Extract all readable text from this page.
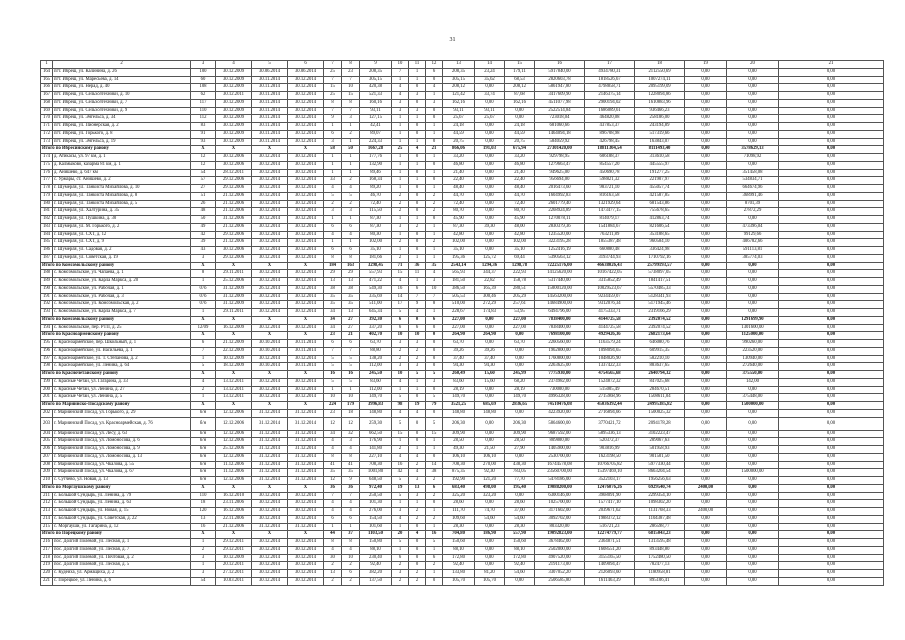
31
1	2	3	4	5	6	7	8	9	10	11	12	13	14	15	16	17	18	19	20	21
164	пгт. Ибреш, ул. Калинина, д. 26	100	30.12.2009	30.06.2014	30.06.2014	25	23	208,35	7	1	6	208,35	23,24	179,11	5917840,00	4934780,31	2112550,69	0,00	0,00	0,00
165	пгт. Ибреш, ул. Маресьева, д. 14	60	30.12.2009	30.11.2014	30.12.2014	7	7	305,15	1	1	0	305,15	35,62	68,53	2820603,78	1818526,67	1007274,11	0,00	0,00	0,00
166	пгт. Ибреш, ул. Нерад, д. 40	108	30.12.2009	30.11.2014	30.12.2014	15	10	420,38	4	0	4	208,12	0,00	208,12	5861947,80	4798858,71	2095199,09	0,00	0,00	0,00
167	пгт. Ибреш, ул. Сельхозтехники, д. 10	62	30.12.2011	30.11.2014	30.12.2014	25	15	521,33	4	3	1	121,42	33,74	87,68	3417609,90	2146375,14	1228094,86	0,00	0,00	0,00
168	пгт. Ибреш, ул. Сельхозтехники, д. 7	117	30.12.2009	30.11.2014	30.12.2014	8	8	160,16	3	0	3	162,16	0,00	162,16	4511077,98	2900194,02	1610883,96	0,00	0,00	0,00
169	пгт. Ибреш, ул. Сельхозтехники, д. 9	110	30.12.2009	30.11.2014	30.12.2014	7	7	93,11	3	3	0	93,11	93,11	0,00	2522514,84	1686089,61	936466,23	0,00	0,00	0,00
170	пгт. Ибреш, ул. Энгельса, д. 34	112	30.12.2009	30.11.2014	30.12.2014	9	3	127,15	1	1	0	25,67	25,67	0,00	723018,04	464820,08	258186,00	0,00	0,00	0,00
171	пгт. Ибреш, ул. Пионерская, д. 2	83	30.12.2009	30.11.2014	30.12.2014	1	1	42,41	1	0	1	24,18	0,00	24,18	681060,66	437853,37	243194,89	0,00	0,00	0,00
172	пгт. Ибреш, ул. Горького, д. 8	91	30.12.2009	30.11.2014	30.12.2014	6	2	89,07	1	0	1	44,59	0,00	44,59	1464094,18	896708,98	517319,66	0,00	0,00	0,00
173	пгт. Ибреш, ул. Энгельса, д. 19	93	30.12.2009	30.11.2014	30.12.2014	3	1	224,33	1	1	0	20,75	0,00	20,75	584059,92	426798,45	163843,07	0,00	0,00	0,00
Итого по Ибресинскому району		X	X	X	X	58	50	1667,28	25	4	21	866,06	191,03	675,94	27301420,00	18811304,54	8111493,40	0,00	3578629,13	0,00
174	д. Атикасы, ул. 97 км, д. 1	12	30.12.2006	30.12.2014	30.12.2014	1	1	177,76	1	0	1	33,20	0,00	33,20	929798,95	606188,37	313610,58	0,00	71098,92	0,00
175	д. Калмыково, казарма 81 км, д. 1	12	30.12.2006	30.12.2014	30.12.2014	1	1	132,90	1	1	0	46,80	0,00	46,80	1279663,47	854557,20	445555,97	0,00	0,00	0,00
176	д. Анишево, д. 647 км	54	28.12.2011	30.12.2014	30.12.2014	1	1	89,46	1	0	1	21,40	0,00	21,40	949625,00	450690,78	191277,25	0,00	351458,08	0,00
177	с. Урмары, ст. Анишево, д. 2	57	29.12.2006	30.12.2014	30.12.2014	33	2	168,34	1	1	0	22,40	0,00	22,40	956694,00	598821,32	221907,97	0,00	534834,71	0,00
178	г. Шумерля, ул. Танкиста Михайлова, д. 10	27	29.12.2006	30.12.2014	30.12.2014	4	4	89,20	1	0	1	48,40	0,00	48,40	2016473,60	983721,10	455057,74	0,00	664674,96	0,00
179	г. Шумерля, ул. Танкиста Михайлова, д. 8	51	21.12.2006	30.12.2014	30.12.2014	5	5	46,70	2	0	2	44,70	0,00	44,70	1604992,83	816163,58	421587,85	0,00	368991,46	0,00
180	г. Шумерля, ул. Танкиста Михайлова, д. 5	26	21.12.2006	30.12.2014	30.12.2014	2	2	72,40	2	0	2	72,40	0,00	72,40	2601779,40	1321929,64	681543,86	0,00	8701,39	0,00
181	г. Шумерля, ул. Халтурина, д. 35	48	21.12.2006	30.12.2014	30.12.2014	3	3	115,50	2	0	2	80,70	0,00	80,70	2268924,89	1473477,15	755678,65	0,00	27872,29	0,00
182	г. Шумерля, ул. Пушкина, д. 30	50	31.12.2006	30.12.2014	30.12.2014	1	1	87,30	1	1	0	45,90	0,00	45,90	1270078,11	814079,17	412863,74	0,00	0,00	0,00
183	г. Шумерля, ул. М. Горького, д. 2	49	21.12.2006	30.12.2014	30.12.2014	6	6	87,30	3	2	1	87,30	39,30	48,00	2830379,36	1541884,67	821606,54	0,00	473396,04	0,00
184	г. Шумерля, ул. СХТ, д. 12	42	29.12.2006	30.12.2014	30.12.2014	4	4	80,30	1	0	1	42,80	0,00	42,80	1235520,00	763211,89	353188,65	0,00	99129,66	0,00
185	г. Шумерля, ул. СХТ, д. 9	39	21.12.2006	30.12.2014	30.12.2014	1	1	102,00	2	0	2	102,00	0,00	102,00	3223195,28	1855387,48	960584,10	0,00	406782,66	0,00
186	г. Шумерля, ул. Садовая, д. 2	43	30.12.2006	30.12.2014	30.12.2014	6	6	35,10	1	0	1	35,10	0,00	35,10	1252416,19	660880,48	336424,98	0,00	591113,81	0,00
187	г. Шумерля, ул. Советская, д. 19	3	29.12.2006	30.12.2014	30.12.2014	8	8	181,66	2	1	1	195,36	125,72	69,44	5390563,12	3193744,93	1710792,16	0,00	385774,03	0,00
Итого по Комсомольскому району		X	X	X	X	184	163	3298,45	71	36	35	2543,14	1294,36	1298,78	72225176,00	46638026,43	25799193,57	0,00	0,00	0,00
188	с. Комсомольское, ул. Чапаева, д. 1	8	29.11.2011	30.12.2014	30.12.2014	29	29	557,93	15	11	4	565,93	344,37	222,93	14125620,00	10167422,05	5738097,05	0,00	0,00	0,00
189	с. Комсомольское, ул. Карла Маркса, д. 20	1	25.12.2006	30.12.2014	30.12.2014	13	13	471,22	4	1	3	181,50	22,82	158,78	5317440,00	3315852,49	1841417,51	0,00	0,00	0,00
190	с. Комсомольское, ул. Рабочая, д. 1	07б	31.12.2009	26.12.2014	30.12.2014	38	38	549,30	16	6	10	386,50	165,39	280,51	15000120,00	10029523,67	5570485,33	0,00	0,00	0,00
191	с. Комсомольское, ул. Рабочая, д. 3	07б	31.12.2009	30.12.2014	30.12.2014	35	35	335,69	14	7	7	505,53	300,46	205,29	14563200,00	9234459,07	5128341,93	0,00	0,00	0,00
192	с. Комсомольское, ул. Комсомольская, д. 2	07б	31.12.2009	30.12.2014	30.12.2014	35	35	511,00	17	9	8	510,00	272,29	257,61	14684900,00	9312076,34	5171945,46	0,00	0,00	0,00
193	с. Комсомольское, ул. Карла Маркса, д. 7	1	29.11.2011	30.12.2014	30.12.2014	34	13	645,34	5	4	1	228,67	174,83	53,95	6494796,00	4175333,71	2319166,29	0,00	0,00	0,00
Итого по Комсомольскому району		X	X	X	X	34	27	392,30	6	0	6	227,00	0,00	227,00	7838400,00	4144725,58	2392074,52	0,00	1291699,90	0,00
194	с. Комсомольское, пер. РТП, д. 25	12/09	16.12.2009	30.12.2014	30.12.2014	34	27	337,20	6	6	0	227,00	0,00	227,00	7838400,00	4144725,58	2392074,52	0,00	1301600,00	0,00
Итого по Красноармейскому району		X	X	X	X	23	21	402,70	10	10	0	264,90	264,90	0,00	7698100,00	4929426,36	2682173,64	0,00	1125000,00	0,00
195	с. Красноармейское, пер. Школьный, д. 1	6	21.12.2009	30.10.2014	30.11.2014	6	6	63,70	3	3	0	63,70	0,00	63,70	2260560,00	1163579,24	646080,76	0,00	990260,00	0,00
196	с. Красноармейское, ул. Васильева, д. 1	7	22.12.2009	30.10.2014	30.11.2014	7	7	88,80	2	2	0	39,26	39,26	0,00	1962800,00	1098094,65	609915,35	0,00	223520,00	0,00
197	с. Красноармейское, ул. Т. Степанова, д. 2	1	10.12.2009	30.12.2014	30.12.2014	5	5	138,20	2	2	0	37,40	37,40	0,00	1760800,00	1048026,90	582210,10	0,00	130940,00	0,00
198	с. Красноармейское, ул. Ленина, д. 64	5	18.12.2009	30.10.2014	30.11.2014	5	5	112,00	3	3	0	94,30	94,30	0,00	2263625,00	1337422,33	883637,65	0,00	272640,00	0,00
Итого по Красночетайскому району		X	X	X	X	16	16	245,50	10	5	5	260,49	15,60	245,99	7775930,00	4754565,68	2640794,32	0,00	375550,00	0,00
199	с. Красные Четаи, ул. Гагарина, д. 33	4	13.12.2011	30.12.2014	30.12.2014	5	5	83,60	4	1	3	83,60	15,60	68,20	2374982,00	1524872,32	847025,68	0,00	142,00	0,00
200	с. Красные Четаи, ул. Ленина, д. 27	2	13.12.2011	30.12.2014	30.12.2014	1	1	112,00	1	1	0	28,19	0,00	28,19	730000,00	515005,49	284670,51	0,00	0,00	0,00
201	с. Красные Четаи, ул. Ленина, д. 5	1	13.12.2011	30.12.2014	30.12.2014	10	10	149,70	5	0	5	149,70	0,00	149,70	4996328,00	2715968,96	1508611,04	0,00	375448,00	0,00
Итого по Мариинско-Посадскому району		X	X	X	X	224	179	3996,83	98	19	79	3521,25	685,69	2836,65	74510476,08	45036392,44	24995385,82	0,00	1500000,00	0,00
202	г. Мариинский Посад, ул. Горького, д. 29	б/н	12.12.2006	31.12.2014	31.12.2014	23	18	148,80	4	4	0	148,80	148,80	0,00	4223920,00	2716894,66	1500025,32	0,00	0,00	0,00
203	г. Мариинский Посад, ул. Красноармейская, д. 76	б/н	12.12.2006	31.12.2014	31.12.2014	12	12	259,30	5	0	5	206,30	0,00	206,30	5864600,00	3770421,72	2094178,28	0,00	0,00	0,00
204	г. Мариинский Посад, ул. Лесу, д. 63	б/н	12.12.2006	31.12.2014	31.12.2014	34	32	662,50	15	0	15	309,90	0,00	309,90	9687592,00	5895336,13	3102223,47	0,00	0,00	0,00
205	г. Мариинский Посад, ул. Ломоносова, д. 6	б/н	12.12.2006	31.12.2014	31.12.2014	4	3	176,90	1	0	1	28,50	0,00	28,50	809800,00	520372,37	289067,63	0,00	0,00	0,00
206	г. Мариинский Посад, ул. Ломоносова, д. 9	б/н	25.12.2006	31.12.2014	31.12.2014	4	4	141,80	2	1	1	49,30	21,50	27,90	1405900,00	903816,99	501958,93	0,00	0,00	0,00
207	г. Мариинский Посад, ул. Ломоносова, д. 13	б/н	12.12.2006	31.12.2014	31.12.2014	8	8	227,10	4	4	0	106,10	106,10	0,00	2530700,00	1623198,50	901501,50	0,00	0,00	0,00
208	г. Мариинский Посад, ул. Чкалова, д. 55	б/н	11.12.2006	31.12.2014	31.12.2014	41	41	708,30	16	2	14	708,30	270,00	438,30	16744578,08	10766705,82	5977330,44	0,00	0,00	0,00
209	г. Мариинский Посад, ул. Чкалова, д. 67	б/н	11.12.2006	31.12.2014	31.12.2014	35	35	1001,80	42	4	38	875,35	92,30	783,05	23560700,00	15397469,10	8663204,54	0,00	1500000,00	0,00
210	с. Сутчево, ул. Новая, д. 13	б/н	12.12.2006	31.12.2014	31.12.2014	12	9	648,50	5	3	2	192,90	121,20	77,70	5478186,00	3522103,17	1956256,63	0,00	0,00	0,00
Итого по Моргаушскому району		X	X	X	X	36	36	972,40	19	13	6	683,40	498,00	195,40	19088200,00	12476076,26	6929540,74	2400,00	0,00	0,00
211	с. Большой Сундырь, ул. Ленина, д. 79	110	16.12.2010	30.12.2014	30.12.2014	7	7	250,50	5	3	2	325,20	323,20	0,00	6300146,00	3968091,90	2299354,10	0,00	0,00	0,00
212	с. Большой Сундырь, ул. Ленина, д. 63	18	23.11.2006	30.12.2014	30.12.2014	4	4	101,30	1	1	0	28,60	0,00	28,60	1025700,00	1577417,10	1098302,20	0,00	0,00	0,00
213	с. Большой Сундырь, ул. Новая, д. 15	120	16.12.2006	30.12.2014	30.12.2014	4	4	276,00	3	2	1	111,70	74,70	37,00	3171602,00	2039671,62	1131768,33	2400,00	0,00	0,00
214	с. Большой Сундырь, ул. Советская, д. 22	13	22.11.2006	30.12.2014	30.12.2014	6	6	154,50	4	2	2	109,60	54,60	54,60	3092702,00	1988372,12	1104387,48	0,00	0,00	0,00
215	с. Моргауши, ул. Гагарина, д. 12	16	21.12.2006	31.12.2014	31.12.2014	1	1	101,60	1	0	1	28,30	0,00	28,30	803320,00	516721,23	286598,77	0,00	0,00	0,00
Итого по Порецкому району		X	X	X	X	44	37	1103,50	20	4	16	704,80	186,90	557,90	19092823,00	12274779,77	6815043,23	0,00	0,00	0,00
216	пос. Долгий Полевой, ул. Лесная, д. 1	1	29.12.2011	30.12.2014	30.12.2014	8	8	150,80	5	0	5	150,60	0,00	150,60	3678462,00	2364871,51	1313595,48	0,00	0,00	0,00
217	пос. Долгий Полевой, ул. Лесная, д. 7	2	29.12.2011	30.12.2014	30.12.2014	4	4	88,10	1	0	1	88,10	0,00	88,10	2502000,00	1608551,20	893448,80	0,00	0,00	0,00
218	пос. Долгий Полевой, ул. Почтовая, д. 2	3	10.12.2009	30.12.2014	30.12.2014	30	10	230,40	6	0	6	172,80	0,00	172,80	4907520,00	3155165,50	1752480,50	0,00	0,00	0,00
219	пос. Долгий Полевой, ул. Лесная, д. 5	1	20.12.2011	30.12.2014	30.12.2014	2	2	92,40	2	0	2	92,40	0,00	92,40	2191173,00	1409094,47	782477,13	0,00	0,00	0,00
220	с. Кудеиха, ул. Армащиха, д. 2	3	27.12.2011	30.12.2014	30.12.2014	13	6	382,20	3	2	1	133,80	81,20	54,60	3307052,20	2126093,60	1180958,81	0,00	0,00	0,00
221	с. Порецкое, ул. Ленина, д. 6	54	10.03.2011	30.12.2014	30.12.2014	2	2	137,50	2	2	0	105,70	105,70	0,00	2506585,80	1611463,39	895106,41	0,00	0,00	0,00
